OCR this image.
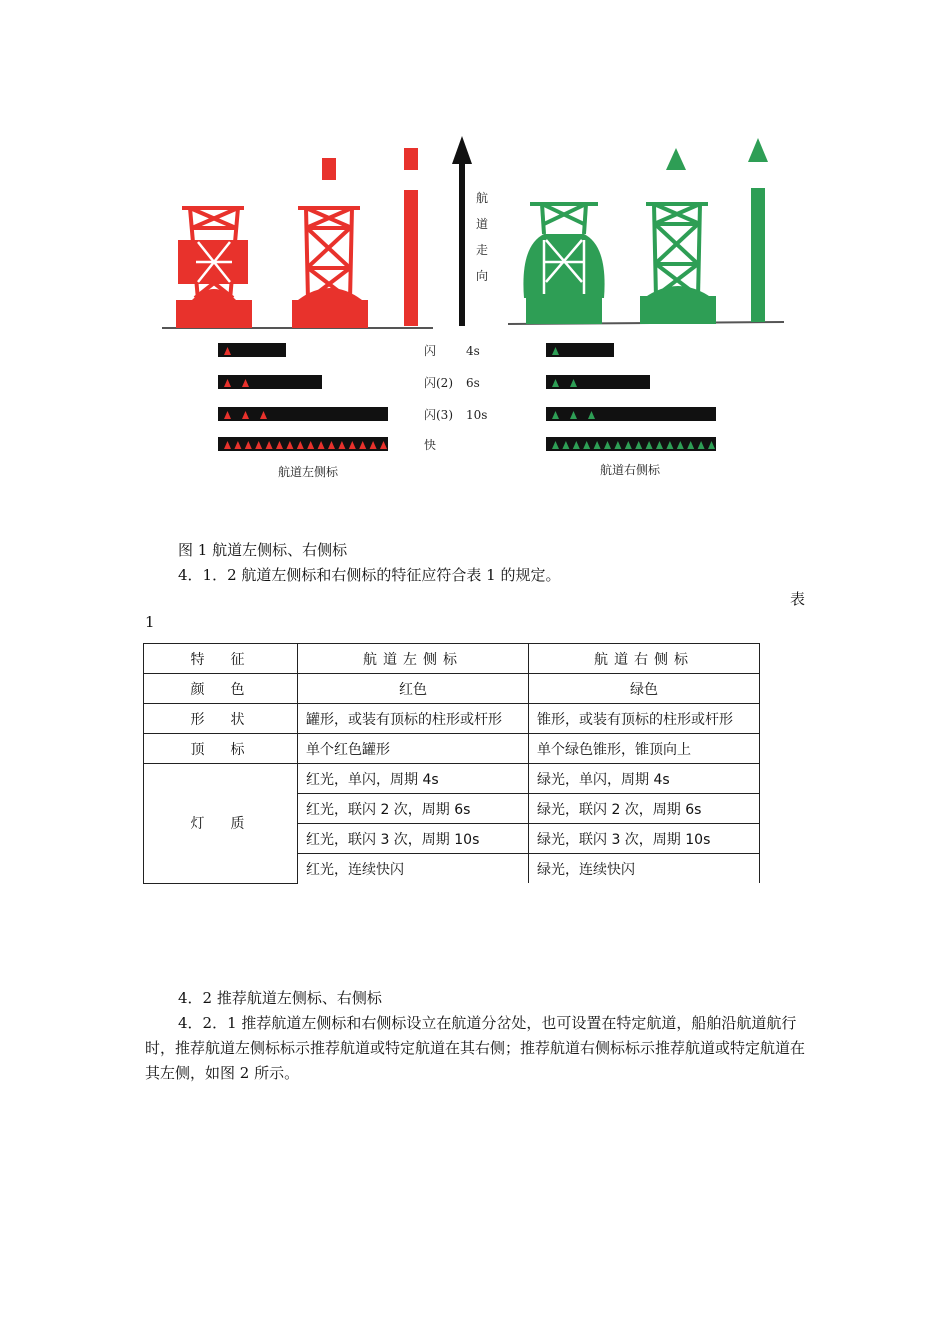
航
道
走
向
闪 4s
闪(2) 6s
闪(3) 10s
快
航道左侧标	航道右侧标
图 1 航道左侧标、右侧标
4．1．2 航道左侧标和右侧标的特征应符合表 1 的规定。
表
1
特　征	航道左侧标	航道右侧标
颜　色	红色	绿色
形　状	罐形，或装有顶标的柱形或杆形	锥形，或装有顶标的柱形或杆形
顶　标	单个红色罐形	单个绿色锥形，锥顶向上
灯　质	红光，单闪，周期 4s	绿光，单闪，周期 4s
	红光，联闪 2 次，周期 6s	绿光，联闪 2 次，周期 6s
	红光，联闪 3 次，周期 10s	绿光，联闪 3 次，周期 10s
	红光，连续快闪	绿光，连续快闪
4．2 推荐航道左侧标、右侧标
4．2．1 推荐航道左侧标和右侧标设立在航道分岔处，也可设置在特定航道，船舶沿航道航行时，推荐航道左侧标标示推荐航道或特定航道在其右侧；推荐航道右侧标标示推荐航道或特定航道在其左侧，如图 2 所示。
